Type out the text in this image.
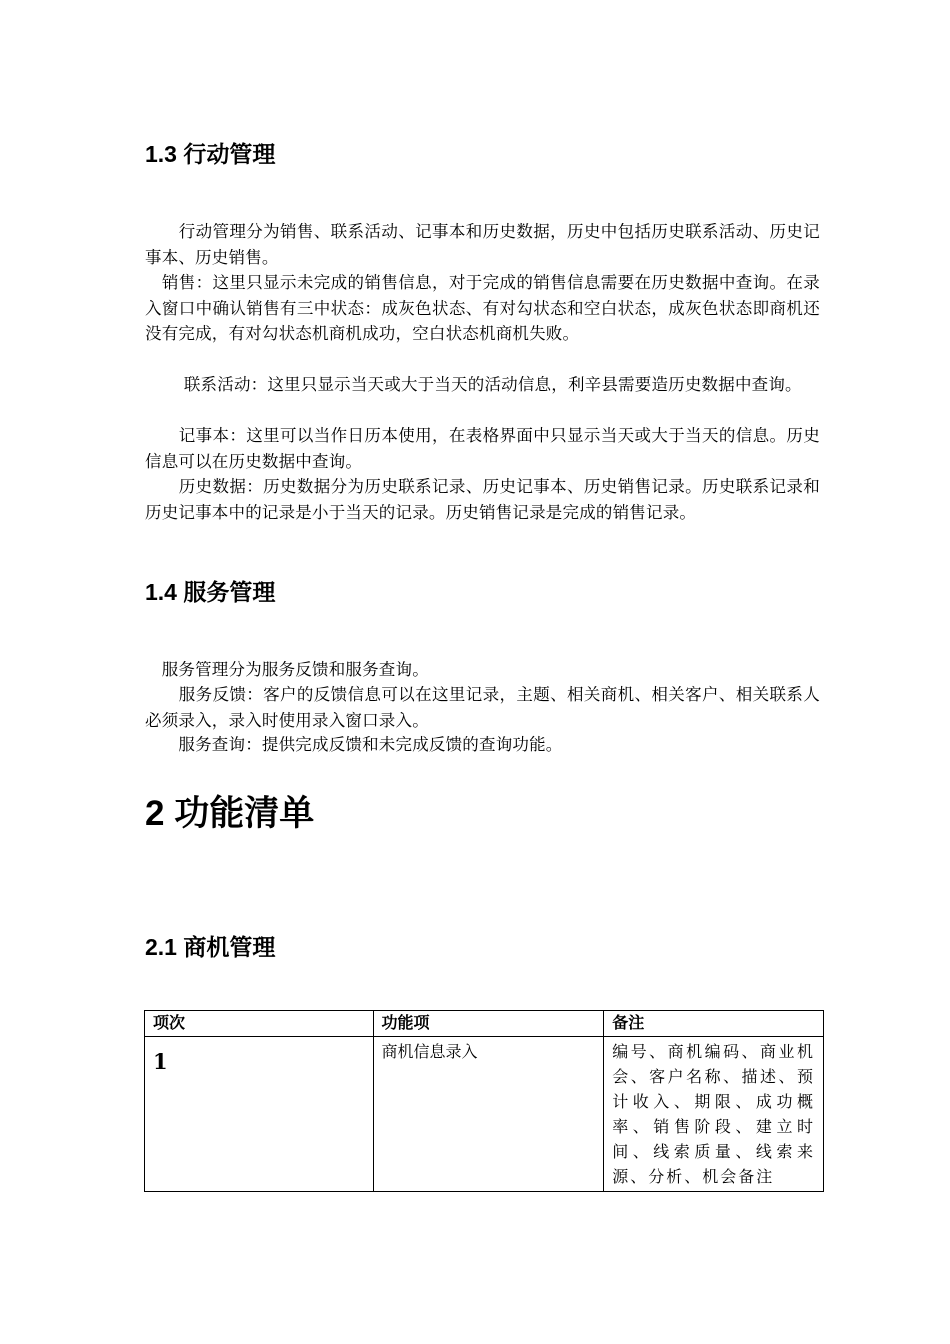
1.3 行动管理

　　行动管理分为销售、联系活动、记事本和历史数据，历史中包括历史联系活动、历史记事本、历史销售。

　销售：这里只显示未完成的销售信息，对于完成的销售信息需要在历史数据中查询。在录入窗口中确认销售有三中状态：成灰色状态、有对勾状态和空白状态，成灰色状态即商机还没有完成，有对勾状态机商机成功，空白状态机商机失败。

　　 联系活动：这里只显示当天或大于当天的活动信息，利辛县需要造历史数据中查询。

　　记事本：这里可以当作日历本使用，在表格界面中只显示当天或大于当天的信息。历史信息可以在历史数据中查询。

　　历史数据：历史数据分为历史联系记录、历史记事本、历史销售记录。历史联系记录和历史记事本中的记录是小于当天的记录。历史销售记录是完成的销售记录。

1.4 服务管理

　服务管理分为服务反馈和服务查询。

　　服务反馈：客户的反馈信息可以在这里记录，主题、相关商机、相关客户、相关联系人必须录入，录入时使用录入窗口录入。

　　服务查询：提供完成反馈和未完成反馈的查询功能。

2 功能清单
2.1 商机管理
项次	功能项	备注

1	商机信息录入	编号、商机编码、商业机会、客户名称、描述、预计收入、期限、成功概率、销售阶段、建立时间、线索质量、线索来源、分析、机会备注
